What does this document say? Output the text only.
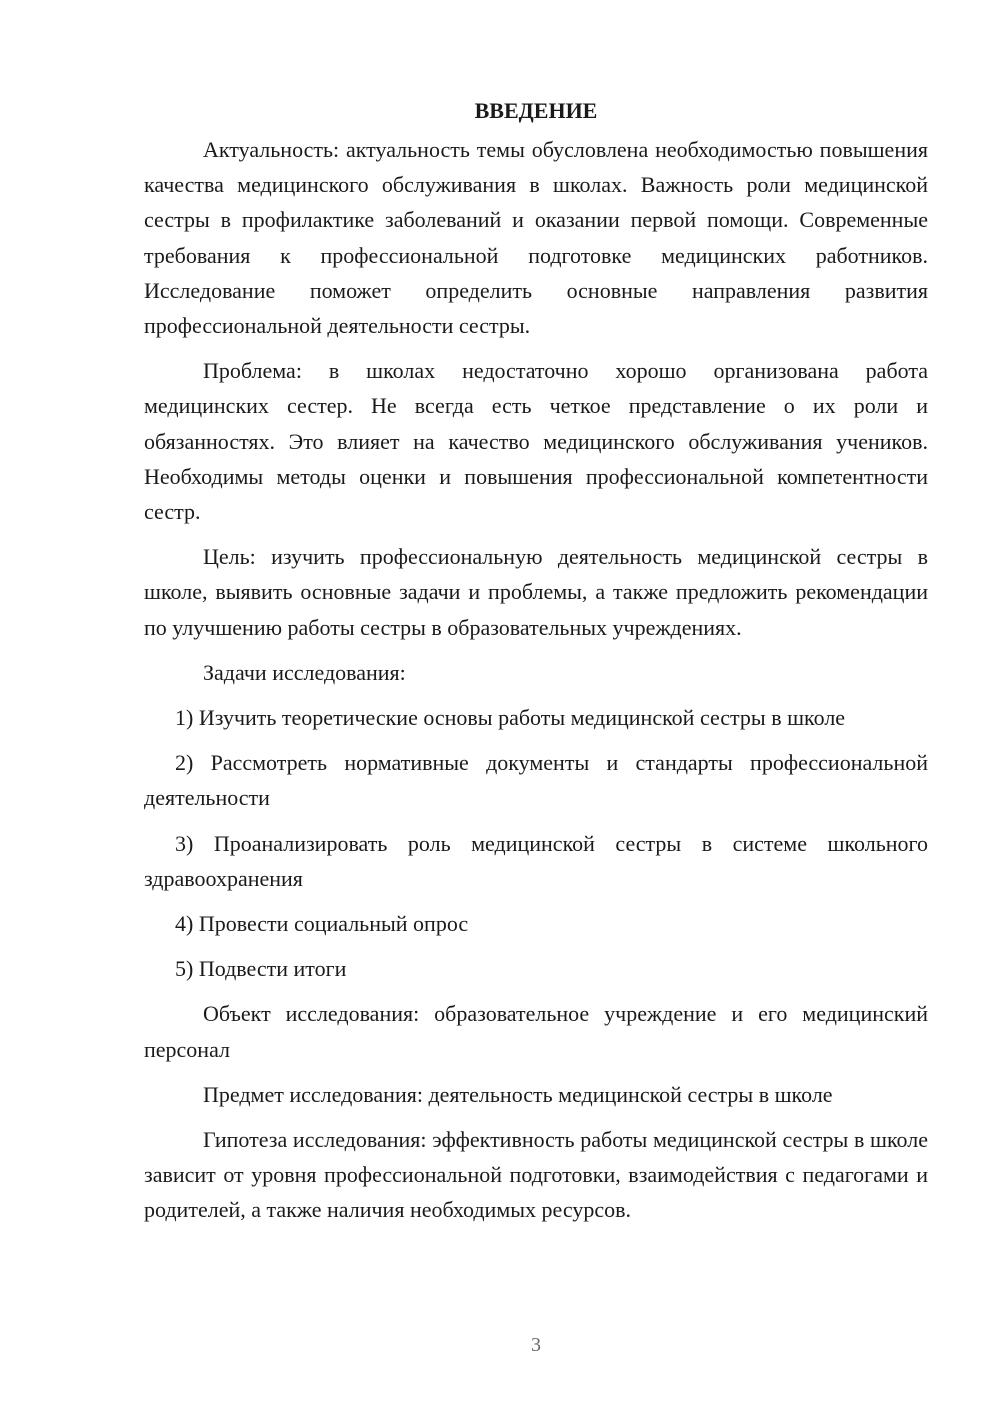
ВВЕДЕНИЕ

Актуальность: актуальность темы обусловлена необходимостью повышения качества медицинского обслуживания в школах. Важность роли медицинской сестры в профилактике заболеваний и оказании первой помощи. Современные требования к профессиональной подготовке медицинских работников. Исследование поможет определить основные направления развития профессиональной деятельности сестры.

Проблема: в школах недостаточно хорошо организована работа медицинских сестер. Не всегда есть четкое представление о их роли и обязанностях. Это влияет на качество медицинского обслуживания учеников. Необходимы методы оценки и повышения профессиональной компетентности сестр.

Цель: изучить профессиональную деятельность медицинской сестры в школе, выявить основные задачи и проблемы, а также предложить рекомендации по улучшению работы сестры в образовательных учреждениях.

Задачи исследования:

1) Изучить теоретические основы работы медицинской сестры в школе

2) Рассмотреть нормативные документы и стандарты профессиональной деятельности

3) Проанализировать роль медицинской сестры в системе школьного здравоохранения

4) Провести социальный опрос

5) Подвести итоги

Объект исследования: образовательное учреждение и его медицинский персонал

Предмет исследования: деятельность медицинской сестры в школе

Гипотеза исследования: эффективность работы медицинской сестры в школе зависит от уровня профессиональной подготовки, взаимодействия с педагогами и родителей, а также наличия необходимых ресурсов.

3
